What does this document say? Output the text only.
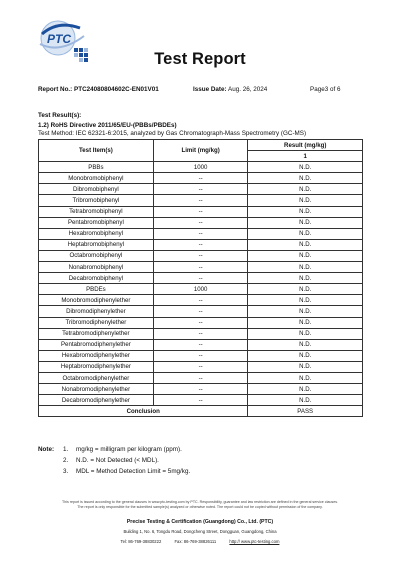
PTC
Test Report
Report No.: PTC24080804602C-EN01V01	Issue Date: Aug. 26, 2024	Page3 of 6
Test Result(s):
1.2) RoHS Directive 2011/65/EU-(PBBs/PBDEs)
Test Method: IEC 62321-6:2015, analyzed by Gas Chromatograph-Mass Spectrometry (GC-MS)
Test Item(s)	Limit (mg/kg)	Result (mg/kg)
		1
PBBs	1000	N.D.
Monobromobiphenyl	--	N.D.
Dibromobiphenyl	--	N.D.
Tribromobiphenyl	--	N.D.
Tetrabromobiphenyl	--	N.D.
Pentabromobiphenyl	--	N.D.
Hexabromobiphenyl	--	N.D.
Heptabromobiphenyl	--	N.D.
Octabromobiphenyl	--	N.D.
Nonabromobiphenyl	--	N.D.
Decabromobiphenyl	--	N.D.
PBDEs	1000	N.D.
Monobromodiphenylether	--	N.D.
Dibromodiphenylether	--	N.D.
Tribromodiphenylether	--	N.D.
Tetrabromodiphenylether	--	N.D.
Pentabromodiphenylether	--	N.D.
Hexabromodiphenylether	--	N.D.
Heptabromodiphenylether	--	N.D.
Octabromodiphenylether	--	N.D.
Nonabromodiphenylether	--	N.D.
Decabromodiphenylether	--	N.D.
Conclusion		PASS
Note: 1. mg/kg = milligram per kilogram (ppm).
2. N.D. = Not Detected (< MDL).
3. MDL = Method Detection Limit = 5mg/kg.
This report is issued according to the general clauses in www.ptc-testing.com by PTC. Responsibility, guarantee and law restriction are defined in the general service clauses. The report is only responsible for the submitted sample(s) analyzed or otherwise noted. The report could not be copied without permission of the company.
Precise Testing & Certification (Guangdong) Co., Ltd. (PTC)
Building 1, No. 6, Tongdu Road, Dongcheng Street, Dongguan, Guangdong, China
Tel: 86-769-38830222	Fax: 86-769-38826111	http:// www.ptc-testing.com
